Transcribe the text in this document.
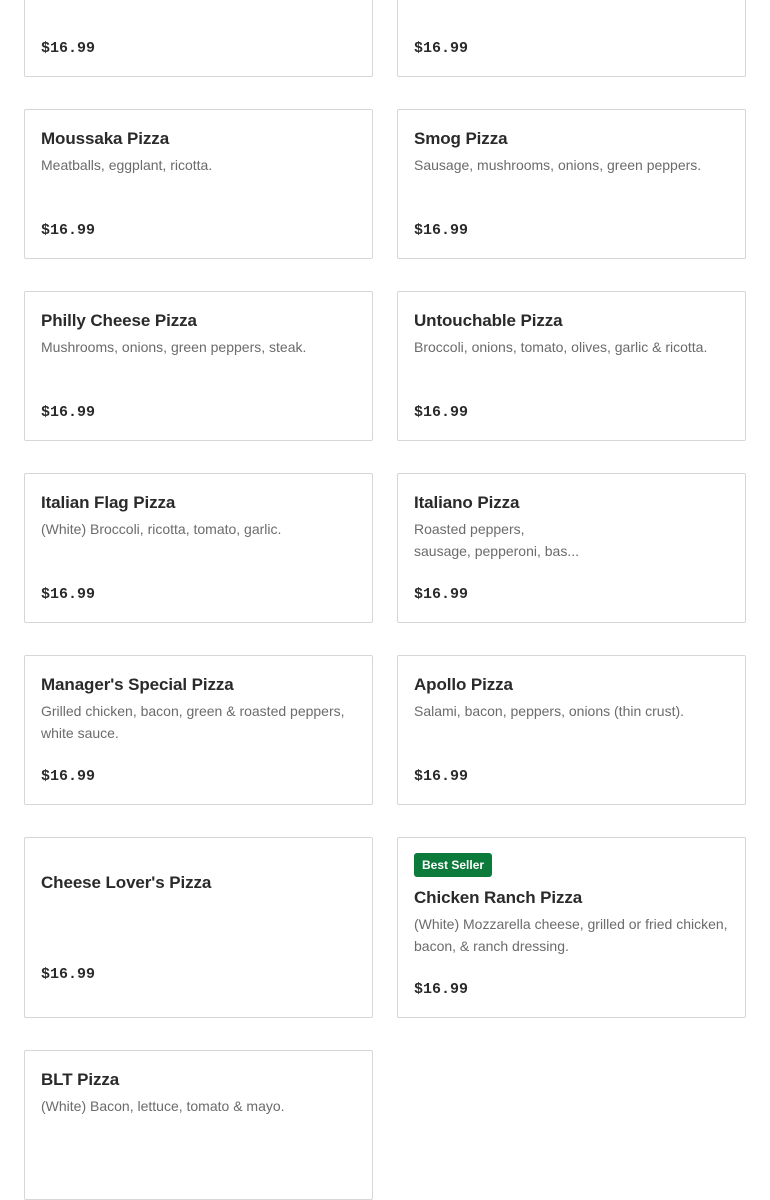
$16.99	$16.99
Moussaka Pizza
Meatballs, eggplant, ricotta.
$16.99
Smog Pizza
Sausage, mushrooms, onions, green peppers.
$16.99
Philly Cheese Pizza
Mushrooms, onions, green peppers, steak.
$16.99
Untouchable Pizza
Broccoli, onions, tomato, olives, garlic & ricotta.
$16.99
Italian Flag Pizza
(White) Broccoli, ricotta, tomato, garlic.
$16.99
Italiano Pizza
Roasted peppers,
sausage, pepperoni, bas...
$16.99
Manager's Special Pizza
Grilled chicken, bacon, green & roasted peppers, white sauce.
$16.99
Apollo Pizza
Salami, bacon, peppers, onions (thin crust).
$16.99
Cheese Lover's Pizza
$16.99
Best Seller
Chicken Ranch Pizza
(White) Mozzarella cheese, grilled or fried chicken, bacon, & ranch dressing.
$16.99
BLT Pizza
(White) Bacon, lettuce, tomato & mayo.
